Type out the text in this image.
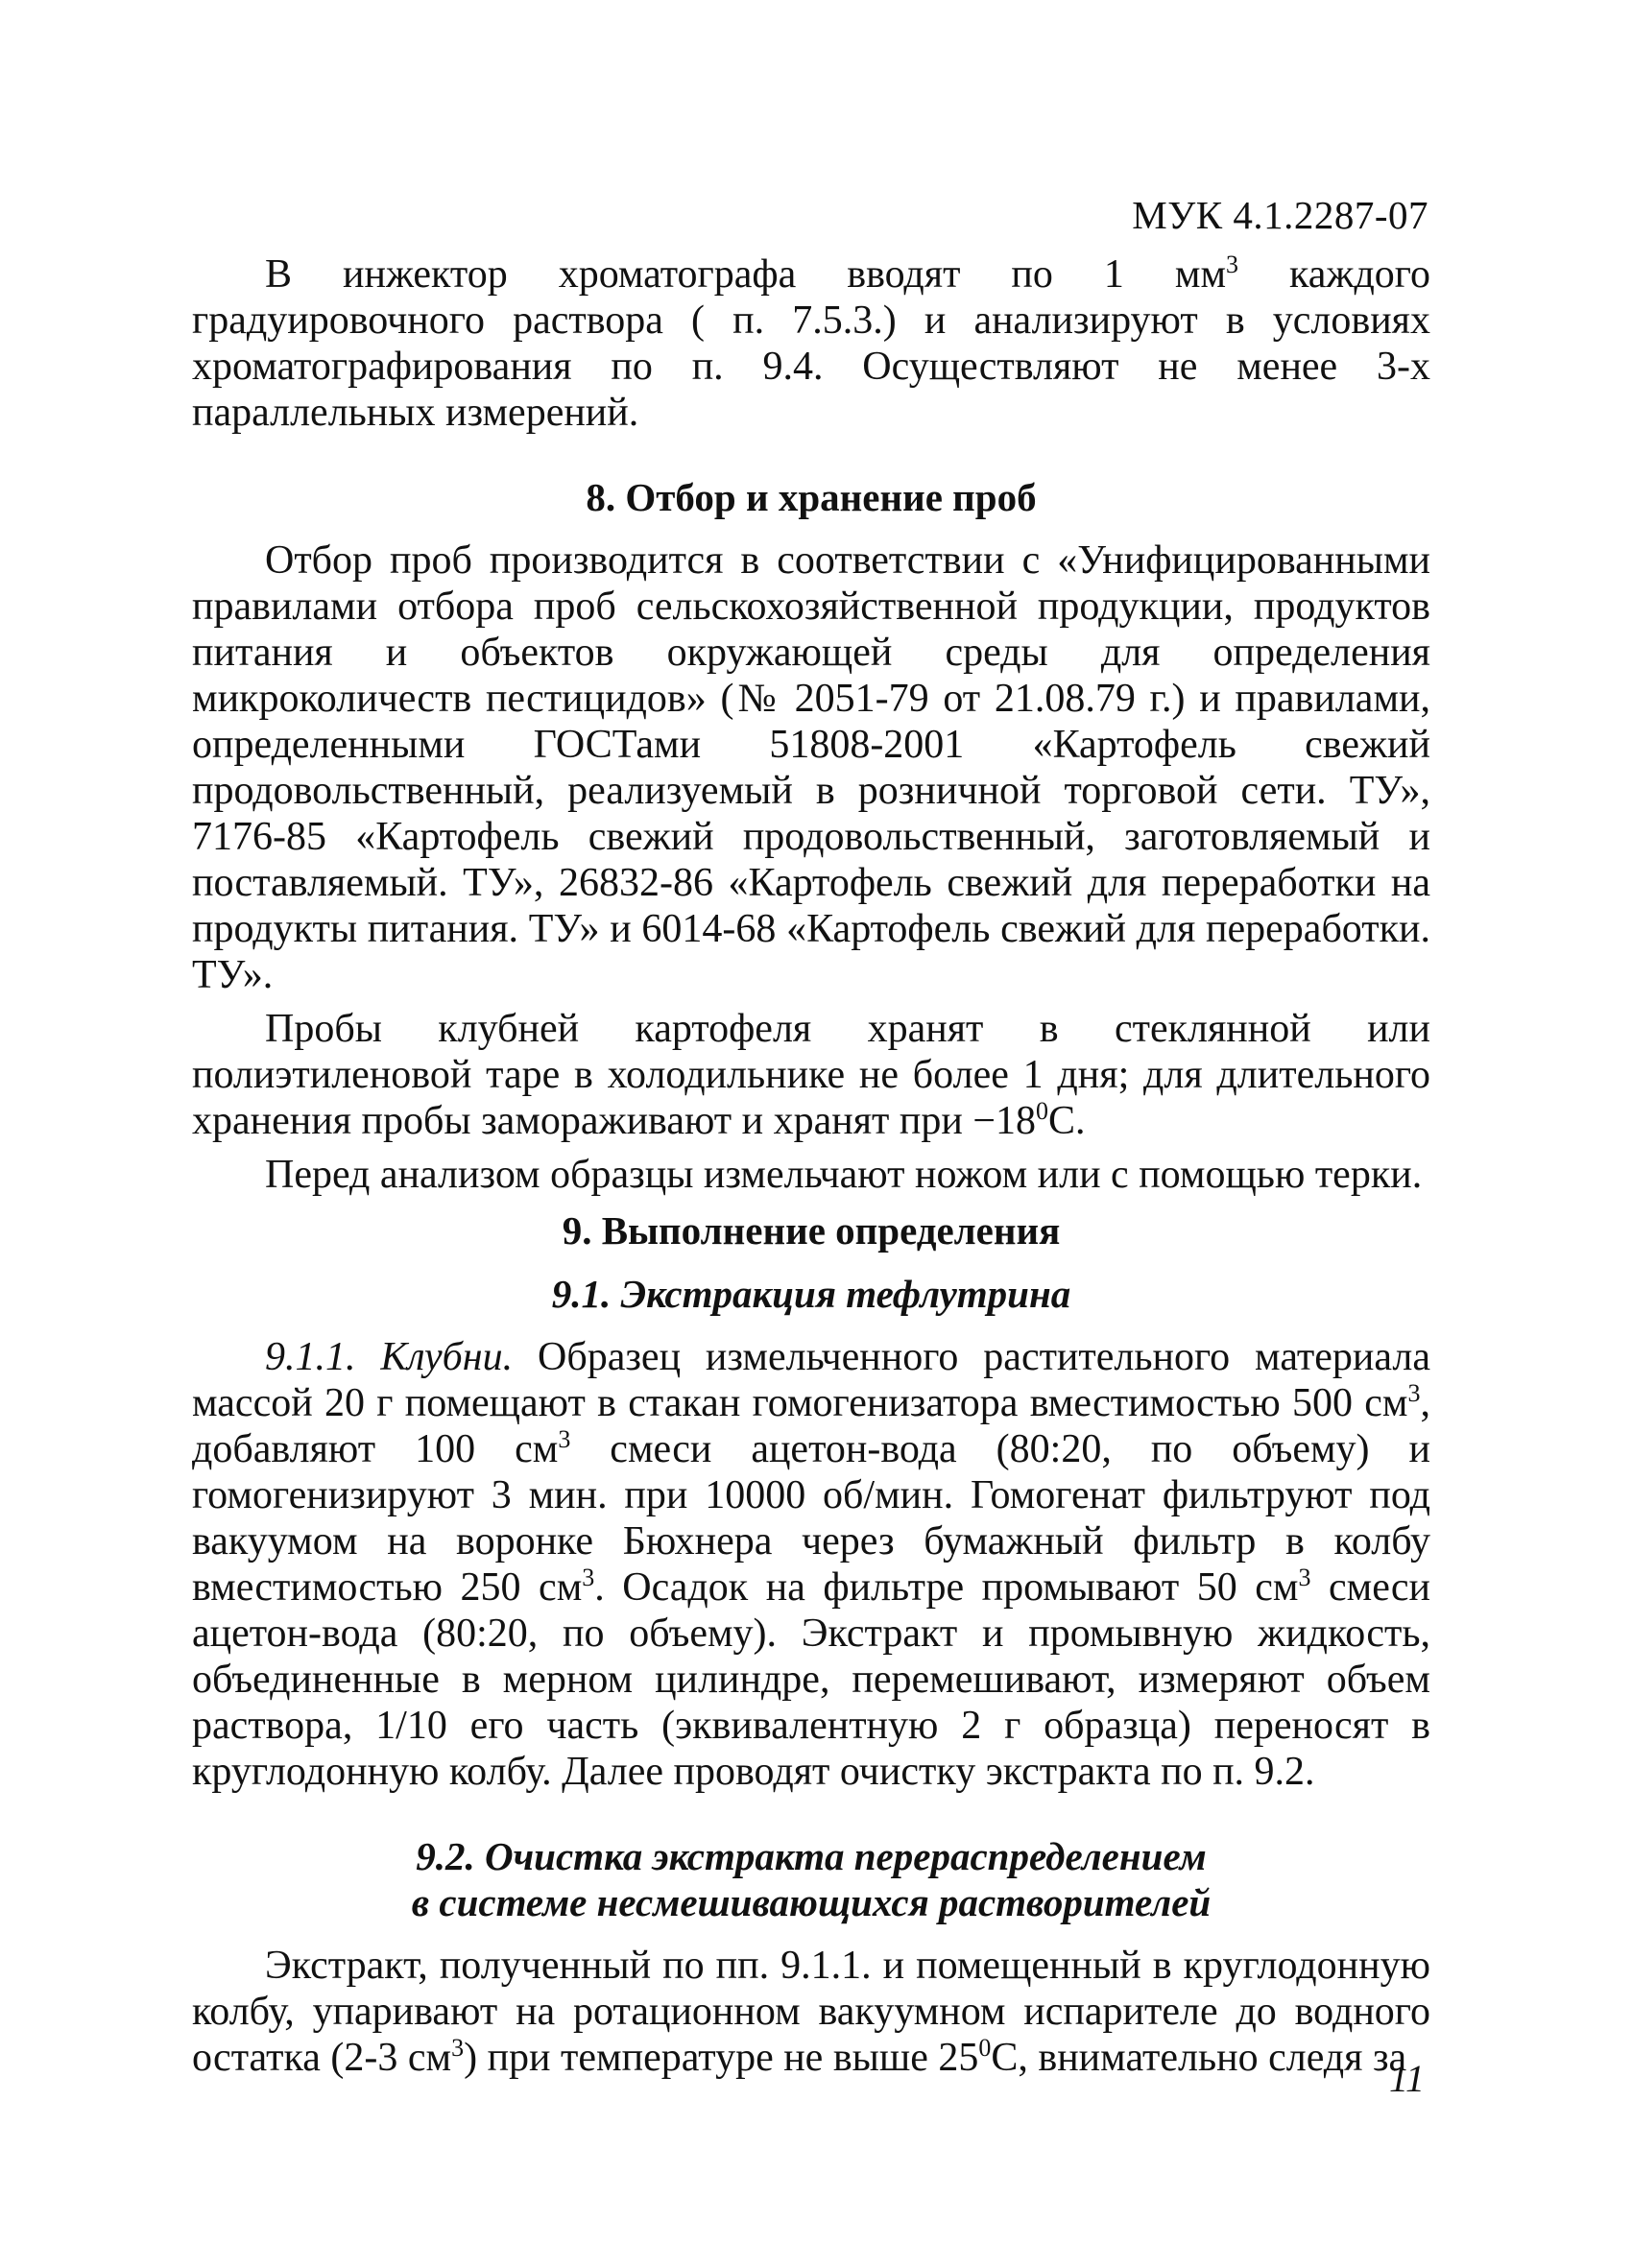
МУК 4.1.2287-07

В инжектор хроматографа вводят по 1 $мм^3$ каждого градуировочного раствора ( п. 7.5.3.) и анализируют в условиях хроматографирования по п. 9.4. Осуществляют не менее 3-х параллельных измерений.

8. Отбор и хранение проб

Отбор проб производится в соответствии с «Унифицированными правилами отбора проб сельскохозяйственной продукции, продуктов питания и объектов окружающей среды для определения микроколичеств пестицидов» (№ 2051-79 от 21.08.79 г.) и правилами, определенными ГОСТами 51808-2001 «Картофель свежий продовольственный, реализуемый в розничной торговой сети. ТУ», 7176-85 «Картофель свежий продовольственный, заготовляемый и поставляемый. ТУ», 26832-86 «Картофель свежий для переработки на продукты питания. ТУ» и 6014-68 «Картофель свежий для переработки. ТУ».

Пробы клубней картофеля хранят в стеклянной или полиэтиленовой таре в холодильнике не более 1 дня; для длительного хранения пробы замораживают и хранят при $-18^0С$.

Перед анализом образцы измельчают ножом или с помощью терки.

9. Выполнение определения
9.1. Экстракция тефлутрина

9.1.1. Клубни. Образец измельченного растительного материала массой 20 г помещают в стакан гомогенизатора вместимостью 500 $см^3$, добавляют 100 $см^3$ смеси ацетон-вода (80:20, по объему) и гомогенизируют 3 мин. при 10000 об/мин. Гомогенат фильтруют под вакуумом на воронке Бюхнера через бумажный фильтр в колбу вместимостью 250 $см^3$. Осадок на фильтре промывают 50 $см^3$ смеси ацетон-вода (80:20, по объему). Экстракт и промывную жидкость, объединенные в мерном цилиндре, перемешивают, измеряют объем раствора, 1/10 его часть (эквивалентную 2 г образца) переносят в круглодонную колбу. Далее проводят очистку экстракта по п. 9.2.

9.2. Очистка экстракта перераспределением
в системе несмешивающихся растворителей

Экстракт, полученный по пп. 9.1.1. и помещенный в круглодонную колбу, упаривают на ротационном вакуумном испарителе до водного остатка (2-3 $см^3$) при температуре не выше $25^0С$, внимательно следя за

11
